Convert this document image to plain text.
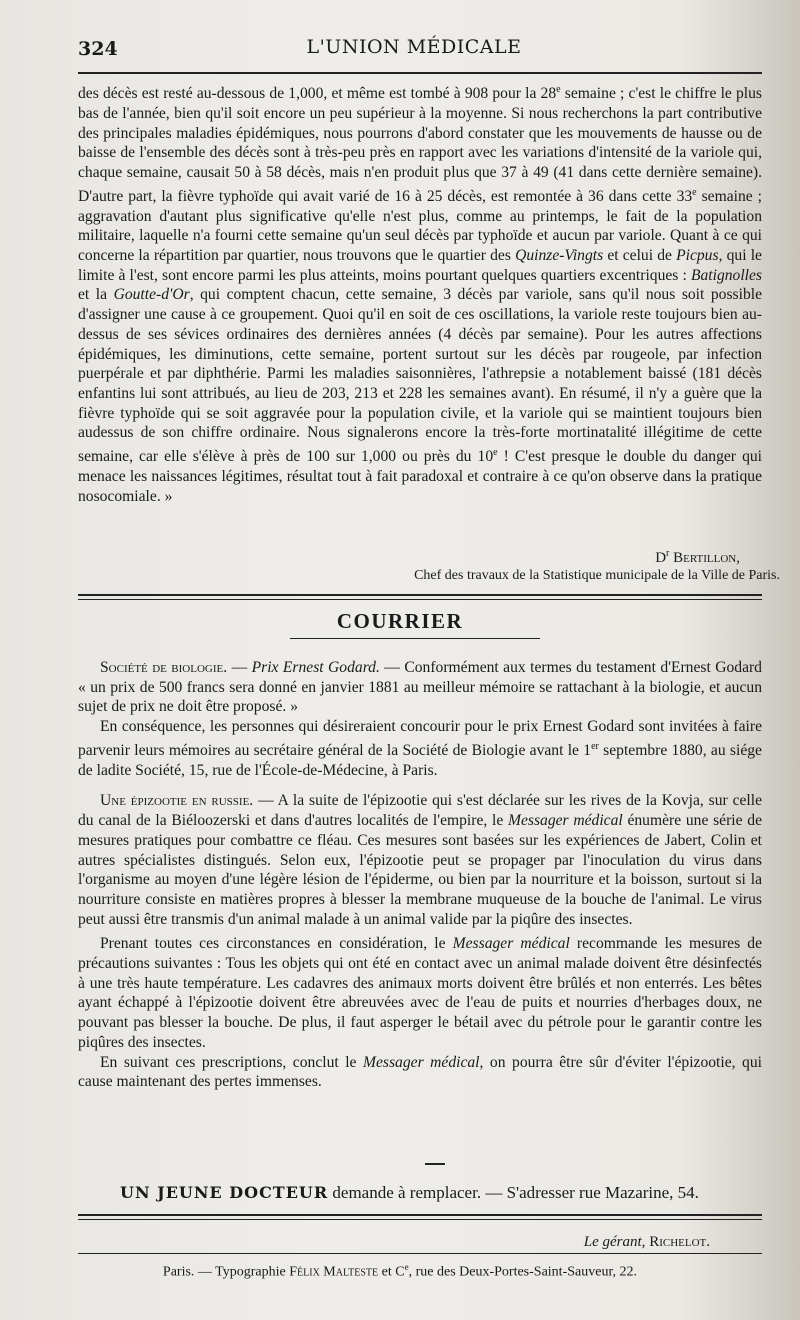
324	L'UNION MÉDICALE

des décès est resté au-dessous de 1,000, et même est tombé à 908 pour la 28e semaine ; c'est le chiffre le plus bas de l'année, bien qu'il soit encore un peu supérieur à la moyenne. Si nous recherchons la part contributive des principales maladies épidémiques, nous pourrons d'abord constater que les mouvements de hausse ou de baisse de l'ensemble des décès sont à très-peu près en rapport avec les variations d'intensité de la variole qui, chaque semaine, causait 50 à 58 décès, mais n'en produit plus que 37 à 49 (41 dans cette dernière semaine). D'autre part, la fièvre typhoïde qui avait varié de 16 à 25 décès, est remontée à 36 dans cette 33e semaine ; aggravation d'autant plus significative qu'elle n'est plus, comme au printemps, le fait de la population militaire, laquelle n'a fourni cette semaine qu'un seul décès par typhoïde et aucun par variole. Quant à ce qui concerne la répartition par quartier, nous trouvons que le quartier des Quinze-Vingts et celui de Picpus, qui le limite à l'est, sont encore parmi les plus atteints, moins pourtant quelques quartiers excentriques : Batignolles et la Goutte-d'Or, qui comptent chacun, cette semaine, 3 décès par variole, sans qu'il nous soit possible d'assigner une cause à ce groupement. Quoi qu'il en soit de ces oscillations, la variole reste toujours bien au-dessus de ses sévices ordinaires des dernières années (4 décès par semaine). Pour les autres affections épidémiques, les diminutions, cette semaine, portent surtout sur les décès par rougeole, par infection puerpérale et par diphthérie. Parmi les maladies saisonnières, l'athrepsie a notablement baissé (181 décès enfantins lui sont attribués, au lieu de 203, 213 et 228 les semaines avant). En résumé, il n'y a guère que la fièvre typhoïde qui se soit aggravée pour la population civile, et la variole qui se maintient toujours bien audessus de son chiffre ordinaire. Nous signalerons encore la très-forte mortinatalité illégitime de cette semaine, car elle s'élève à près de 100 sur 1,000 ou près du 10e ! C'est presque le double du danger qui menace les naissances légitimes, résultat tout à fait paradoxal et contraire à ce qu'on observe dans la pratique nosocomiale. »

$D^r$ Bertillon,
Chef des travaux de la Statistique municipale de la Ville de Paris.
COURRIER

Société de biologie. — Prix Ernest Godard. — Conformément aux termes du testament d'Ernest Godard « un prix de 500 francs sera donné en janvier 1881 au meilleur mémoire se rattachant à la biologie, et aucun sujet de prix ne doit être proposé. »

En conséquence, les personnes qui désireraient concourir pour le prix Ernest Godard sont invitées à faire parvenir leurs mémoires au secrétaire général de la Société de Biologie avant le 1er septembre 1880, au siége de ladite Société, 15, rue de l'École-de-Médecine, à Paris.

Une épizootie en russie. — A la suite de l'épizootie qui s'est déclarée sur les rives de la Kovja, sur celle du canal de la Biéloozerski et dans d'autres localités de l'empire, le Messager médical énumère une série de mesures pratiques pour combattre ce fléau. Ces mesures sont basées sur les expériences de Jabert, Colin et autres spécialistes distingués. Selon eux, l'épizootie peut se propager par l'inoculation du virus dans l'organisme au moyen d'une légère lésion de l'épiderme, ou bien par la nourriture et la boisson, surtout si la nourriture consiste en matières propres à blesser la membrane muqueuse de la bouche de l'animal. Le virus peut aussi être transmis d'un animal malade à un animal valide par la piqûre des insectes.

Prenant toutes ces circonstances en considération, le Messager médical recommande les mesures de précautions suivantes : Tous les objets qui ont été en contact avec un animal malade doivent être désinfectés à une très haute température. Les cadavres des animaux morts doivent être brûlés et non enterrés. Les bêtes ayant échappé à l'épizootie doivent être abreuvées avec de l'eau de puits et nourries d'herbages doux, ne pouvant pas blesser la bouche. De plus, il faut asperger le bétail avec du pétrole pour le garantir contre les piqûres des insectes.

En suivant ces prescriptions, conclut le Messager médical, on pourra être sûr d'éviter l'épizootie, qui cause maintenant des pertes immenses.

UN JEUNE DOCTEUR demande à remplacer. — S'adresser rue Mazarine, 54.
Le gérant, Richelot.
Paris. — Typographie Félix Malteste et Ce, rue des Deux-Portes-Saint-Sauveur, 22.
